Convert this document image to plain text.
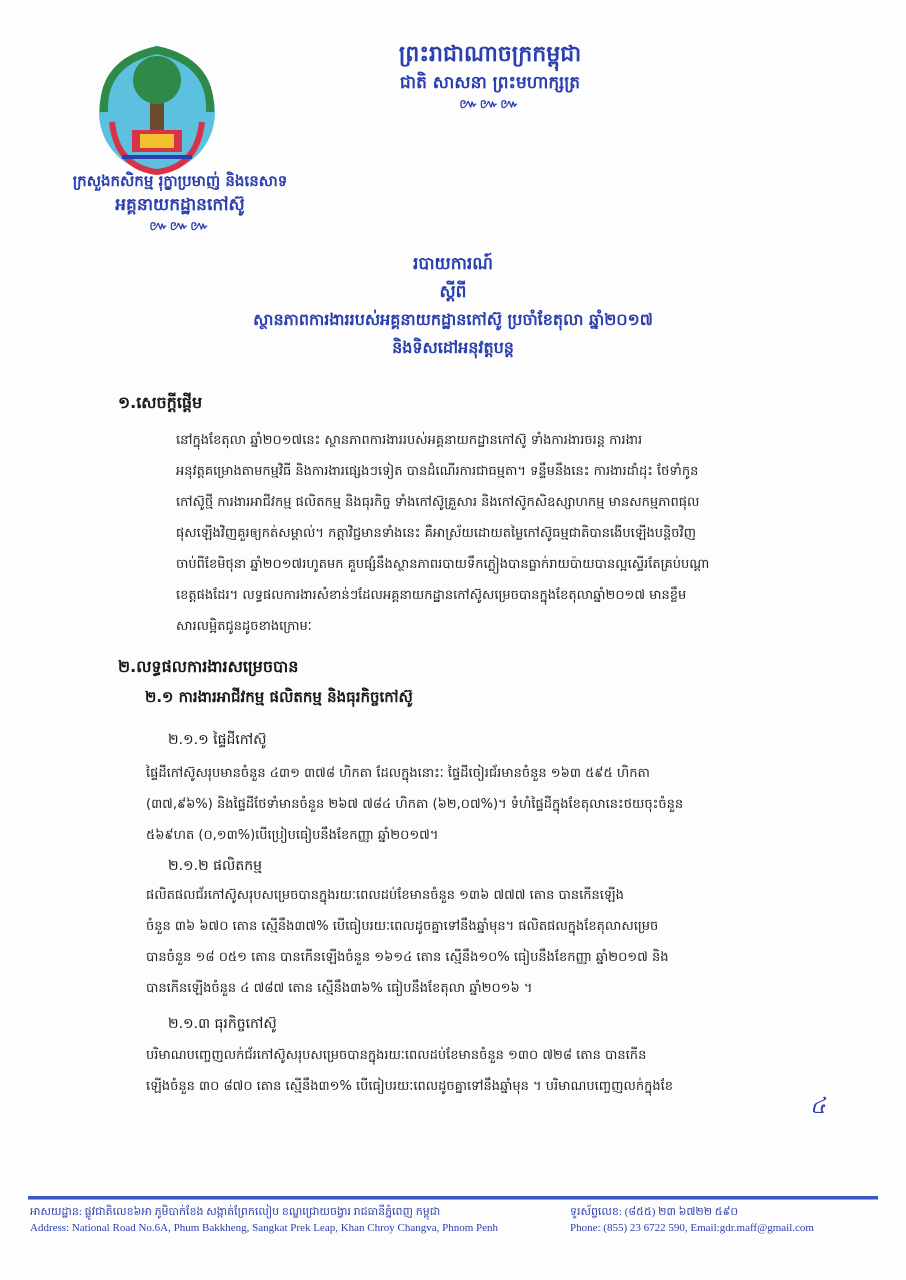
ក្រសួងកសិកម្ម រុក្ខាប្រមាញ់ និងនេសាទ
អគ្គនាយកដ្ឋានកៅស៊ូ
៚៚៚
ព្រះរាជាណាចក្រកម្ពុជា
ជាតិ សាសនា ព្រះមហាក្សត្រ
៚៚៚
របាយការណ៍
ស្ដីពី
ស្ថានភាពការងាររបស់អគ្គនាយកដ្ឋានកៅស៊ូ ប្រចាំខែតុលា ឆ្នាំ២០១៧
និងទិសដៅអនុវត្តបន្ត
១.សេចក្ដីផ្ដើម

នៅក្នុងខែតុលា ឆ្នាំ២០១៧នេះ ស្ថានភាពការងាររបស់អគ្គនាយកដ្ឋានកៅស៊ូ ទាំងការងារចរន្ត ការងារ

អនុវត្តគម្រោងតាមកម្មវិធី និងការងារផ្សេងៗទៀត បានដំណើរការជាធម្មតា។ ទន្ទឹមនឹងនេះ ការងារដាំដុះ ថែទាំកូន

កៅស៊ូថ្មី ការងារអាជីវកម្ម ផលិតកម្ម និងធុរកិច្ច ទាំងកៅស៊ូគ្រួសារ និងកៅស៊ូកសិឧស្សាហកម្ម មានសកម្មភាពផុល

ផុសឡើងវិញគួរឲ្យកត់សម្គាល់។ កត្តាវិជ្ជមានទាំងនេះ គឺអាស្រ័យដោយតម្លៃកៅស៊ូធម្មជាតិបានងើបឡើងបន្តិចវិញ

ចាប់ពីខែមិថុនា ឆ្នាំ២០១៧រហូតមក គួបផ្សំនឹងស្ថានភាពរបាយទឹកភ្លៀងបានធ្លាក់រាយប៉ាយបានល្អស្ទើរតែគ្រប់បណ្ដា

ខេត្តផងដែរ។ លទ្ធផលការងារសំខាន់ៗដែលអគ្គនាយកដ្ឋានកៅស៊ូសម្រេចបានក្នុងខែតុលាឆ្នាំ២០១៧ មានខ្លឹម

សារលម្អិតជូនដូចខាងក្រោមៈ

២.លទ្ធផលការងារសម្រេចបាន
២.១ ការងារអាជីវកម្ម ផលិតកម្ម និងធុរកិច្ចកៅស៊ូ
២.១.១ ផ្ទៃដីកៅស៊ូ

ផ្ទៃដីកៅស៊ូសរុបមានចំនួន ៤៣១ ៣៧៨ ហិកតា ដែលក្នុងនោះៈ ផ្ទៃដីចៀរជ័រមានចំនួន ១៦៣ ៥៩៥ ហិកតា

(៣៧,៩៦%) និងផ្ទៃដីថែទាំមានចំនួន ២៦៧ ៧៨៤ ហិកតា (៦២,០៧%)។ ទំហំផ្ទៃដីក្នុងខែតុលានេះថយចុះចំនួន

៥៦៩ហត (០,១៣%)បើប្រៀបធៀបនឹងខែកញ្ញា ឆ្នាំ២០១៧។

២.១.២ ផលិតកម្ម

ផលិតផលជ័រកៅស៊ូសរុបសម្រេចបានក្នុងរយៈពេលដប់ខែមានចំនួន ១៣៦ ៧៧៧ តោន បានកើនឡើង

ចំនួន ៣៦ ៦៧០ តោន ស្មើនឹង៣៧% បើធៀបរយៈពេលដូចគ្នាទៅនឹងឆ្នាំមុន។ ផលិតផលក្នុងខែតុលាសម្រេច

បានចំនួន ១៨ ០៥១ តោន បានកើនឡើងចំនួន ១៦១៤ តោន ស្មើនឹង១០% ធៀបនឹងខែកញ្ញា ឆ្នាំ២០១៧ និង

បានកើនឡើងចំនួន ៤ ៧៨៧ តោន ស្មើនឹង៣៦% ធៀបនឹងខែតុលា ឆ្នាំ២០១៦ ។

២.១.៣ ធុរកិច្ចកៅស៊ូ

បរិមាណបញ្ចេញលក់ជ័រកៅស៊ូសរុបសម្រេចបានក្នុងរយៈពេលដប់ខែមានចំនួន ១៣០ ៧២៨ តោន បានកើន

ឡើងចំនួន ៣០ ៨៧០ តោន ស្មើនឹង៣១% បើធៀបរយៈពេលដូចគ្នាទៅនឹងឆ្នាំមុន ។ បរិមាណបញ្ចេញលក់ក្នុងខែ

៤
អាសយដ្ឋាន: ផ្លូវជាតិលេខ៦អា ភូមិបាក់ខែង សង្កាត់ព្រែកលៀប ខណ្ឌជ្រោយចង្វារ រាជធានីភ្នំពេញ កម្ពុជា
Address: National Road No.6A, Phum Bakkheng, Sangkat Prek Leap, Khan Chroy Changva, Phnom Penh
ទូរស័ព្ទលេខ: (៨៥៥) ២៣ ៦៧២២ ៥៩០
Phone: (855) 23 6722 590, Email:gdr.maff@gmail.com
